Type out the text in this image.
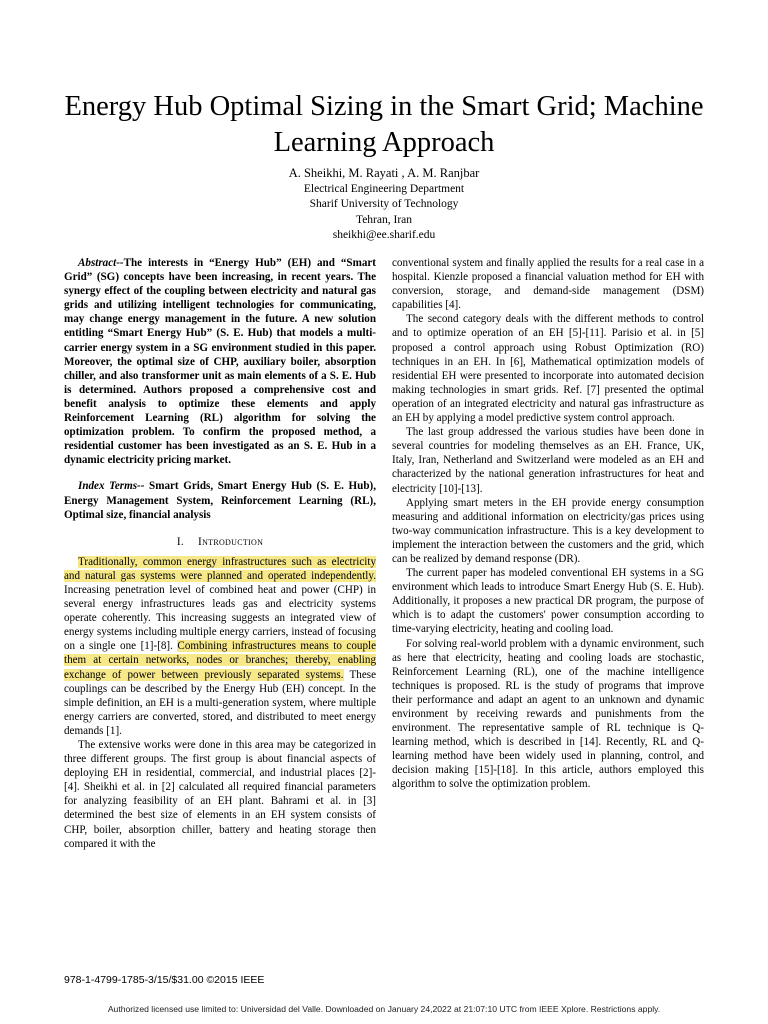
Energy Hub Optimal Sizing in the Smart Grid; Machine Learning Approach
A. Sheikhi, M. Rayati , A. M. Ranjbar
Electrical Engineering Department
Sharif University of Technology
Tehran, Iran
sheikhi@ee.sharif.edu

Abstract--The interests in “Energy Hub” (EH) and “Smart Grid” (SG) concepts have been increasing, in recent years. The synergy effect of the coupling between electricity and natural gas grids and utilizing intelligent technologies for communicating, may change energy management in the future. A new solution entitling “Smart Energy Hub” (S. E. Hub) that models a multi-carrier energy system in a SG environment studied in this paper. Moreover, the optimal size of CHP, auxiliary boiler, absorption chiller, and also transformer unit as main elements of a S. E. Hub is determined. Authors proposed a comprehensive cost and benefit analysis to optimize these elements and apply Reinforcement Learning (RL) algorithm for solving the optimization problem. To confirm the proposed method, a residential customer has been investigated as an S. E. Hub in a dynamic electricity pricing market.

Index Terms-- Smart Grids, Smart Energy Hub (S. E. Hub), Energy Management System, Reinforcement Learning (RL), Optimal size, financial analysis

I. Introduction

Traditionally, common energy infrastructures such as electricity and natural gas systems were planned and operated independently. Increasing penetration level of combined heat and power (CHP) in several energy infrastructures leads gas and electricity systems operate coherently. This increasing suggests an integrated view of energy systems including multiple energy carriers, instead of focusing on a single one [1]-[8]. Combining infrastructures means to couple them at certain networks, nodes or branches; thereby, enabling exchange of power between previously separated systems. These couplings can be described by the Energy Hub (EH) concept. In the simple definition, an EH is a multi-generation system, where multiple energy carriers are converted, stored, and distributed to meet energy demands [1].

The extensive works were done in this area may be categorized in three different groups. The first group is about financial aspects of deploying EH in residential, commercial, and industrial places [2]-[4]. Sheikhi et al. in [2] calculated all required financial parameters for analyzing feasibility of an EH plant. Bahrami et al. in [3] determined the best size of elements in an EH system consists of CHP, boiler, absorption chiller, battery and heating storage then compared it with the

conventional system and finally applied the results for a real case in a hospital. Kienzle proposed a financial valuation method for EH with conversion, storage, and demand-side management (DSM) capabilities [4].

The second category deals with the different methods to control and to optimize operation of an EH [5]-[11]. Parisio et al. in [5] proposed a control approach using Robust Optimization (RO) techniques in an EH. In [6], Mathematical optimization models of residential EH were presented to incorporate into automated decision making technologies in smart grids. Ref. [7] presented the optimal operation of an integrated electricity and natural gas infrastructure as an EH by applying a model predictive system control approach.

The last group addressed the various studies have been done in several countries for modeling themselves as an EH. France, UK, Italy, Iran, Netherland and Switzerland were modeled as an EH and characterized by the national generation infrastructures for heat and electricity [10]-[13].

Applying smart meters in the EH provide energy consumption measuring and additional information on electricity/gas prices using two-way communication infrastructure. This is a key development to implement the interaction between the customers and the grid, which can be realized by demand response (DR).

The current paper has modeled conventional EH systems in a SG environment which leads to introduce Smart Energy Hub (S. E. Hub). Additionally, it proposes a new practical DR program, the purpose of which is to adapt the customers' power consumption according to time-varying electricity, heating and cooling load.

For solving real-world problem with a dynamic environment, such as here that electricity, heating and cooling loads are stochastic, Reinforcement Learning (RL), one of the machine intelligence techniques is proposed. RL is the study of programs that improve their performance and adapt an agent to an unknown and dynamic environment by receiving rewards and punishments from the environment. The representative sample of RL technique is Q-learning method, which is described in [14]. Recently, RL and Q-learning method have been widely used in planning, control, and decision making [15]-[18]. In this article, authors employed this algorithm to solve the optimization problem.

978-1-4799-1785-3/15/$31.00 ©2015 IEEE
Authorized licensed use limited to: Universidad del Valle. Downloaded on January 24,2022 at 21:07:10 UTC from IEEE Xplore. Restrictions apply.
